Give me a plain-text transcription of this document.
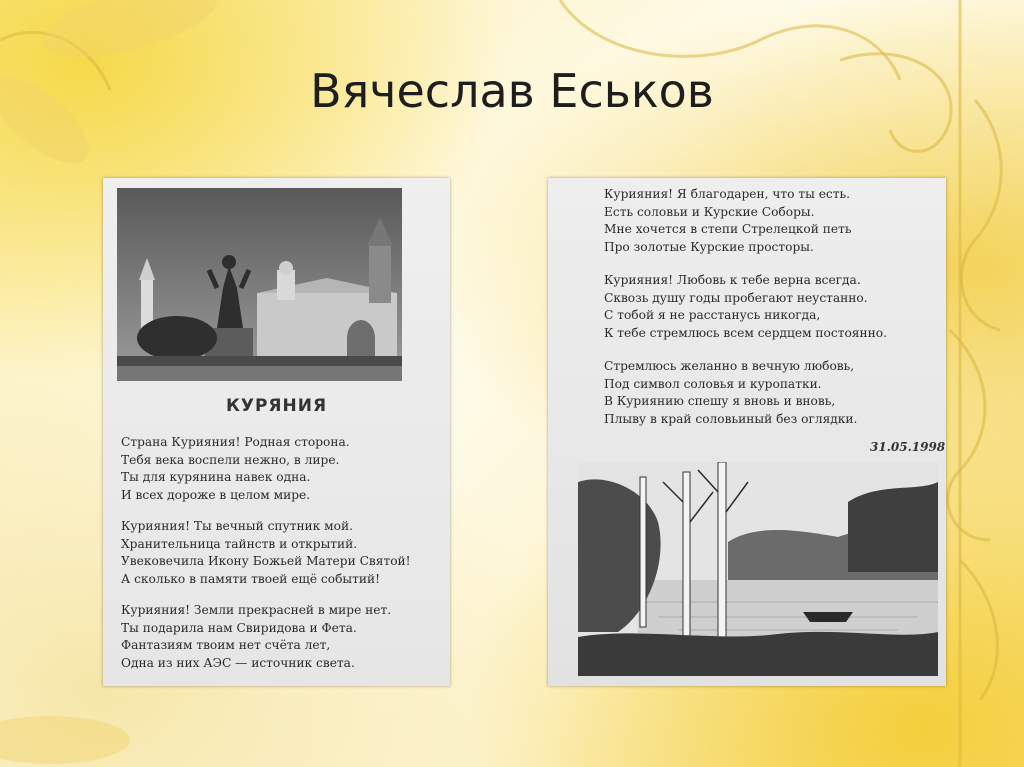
Вячеслав Еськов
КУРЯНИЯ
Страна Курияния! Родная сторона.
Тебя века воспели нежно, в лире.
Ты для курянина навек одна.
И всех дороже в целом мире.
Курияния! Ты вечный спутник мой.
Хранительница тайнств и открытий.
Увековечила Икону Божьей Матери Святой!
А сколько в памяти твоей ещё событий!
Курияния! Земли прекрасней в мире нет.
Ты подарила нам Свиридова и Фета.
Фантазиям твоим нет счёта лет,
Одна из них АЭС — источник света.
Курияния! Я благодарен, что ты есть.
Есть соловьи и Курские Соборы.
Мне хочется в степи Стрелецкой петь
Про золотые Курские просторы.
Курияния! Любовь к тебе верна всегда.
Сквозь душу годы пробегают неустанно.
С тобой я не расстанусь никогда,
К тебе стремлюсь всем сердцем постоянно.
Стремлюсь желанно в вечную любовь,
Под символ соловья и куропатки.
В Куриянию спешу я вновь и вновь,
Плыву в край соловьиный без оглядки.
31.05.1998
